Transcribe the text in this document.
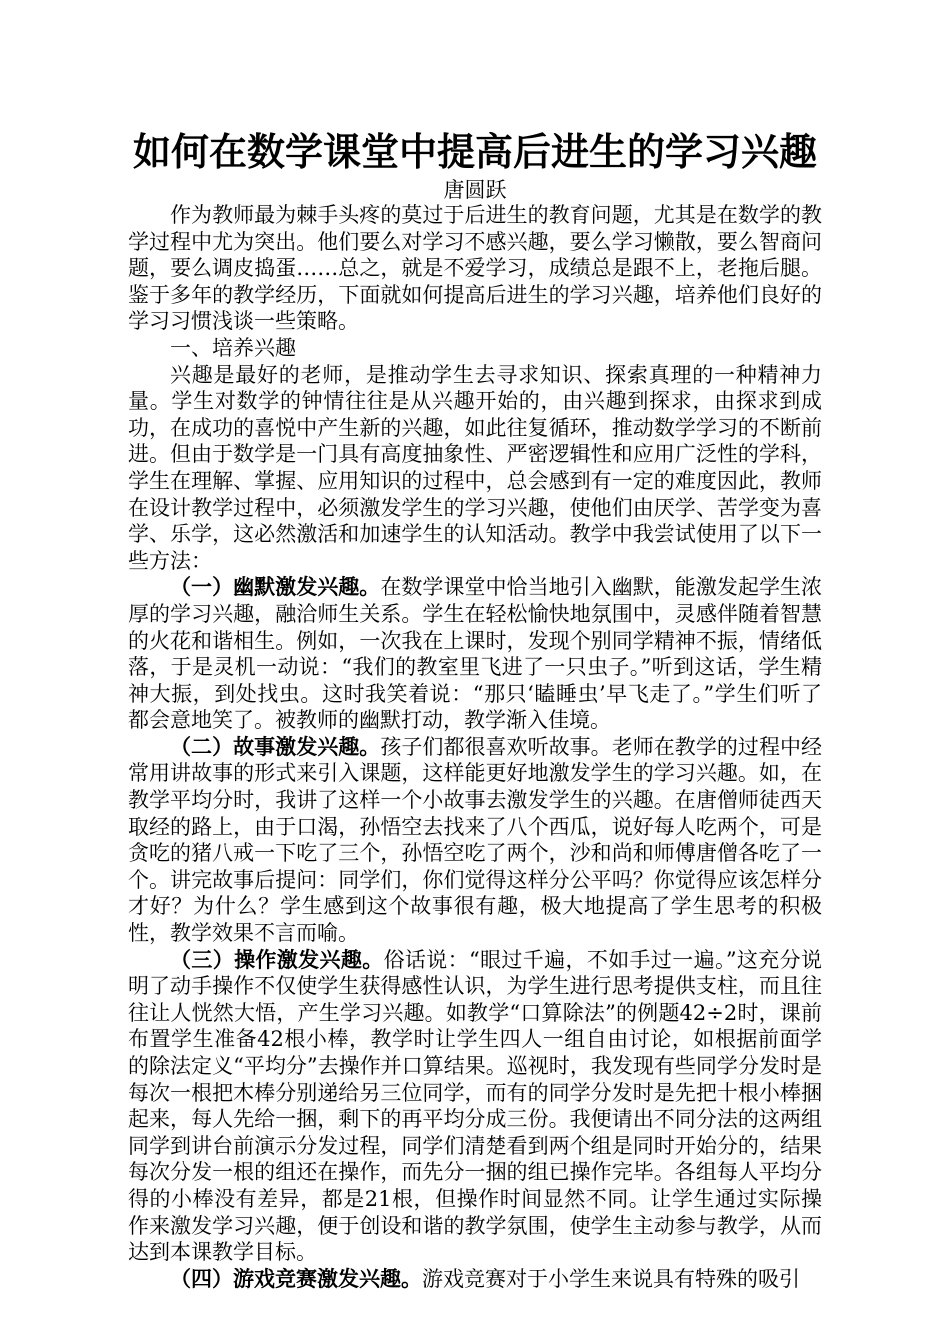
如何在数学课堂中提高后进生的学习兴趣
唐圆跃

作为教师最为棘手头疼的莫过于后进生的教育问题，尤其是在数学的教学过程中尤为突出。他们要么对学习不感兴趣，要么学习懒散，要么智商问题，要么调皮捣蛋……总之，就是不爱学习，成绩总是跟不上，老拖后腿。鉴于多年的教学经历，下面就如何提高后进生的学习兴趣，培养他们良好的学习习惯浅谈一些策略。

一、培养兴趣

兴趣是最好的老师，是推动学生去寻求知识、探索真理的一种精神力量。学生对数学的钟情往往是从兴趣开始的，由兴趣到探求，由探求到成功，在成功的喜悦中产生新的兴趣，如此往复循环，推动数学学习的不断前进。但由于数学是一门具有高度抽象性、严密逻辑性和应用广泛性的学科，学生在理解、掌握、应用知识的过程中，总会感到有一定的难度因此，教师在设计教学过程中，必须激发学生的学习兴趣，使他们由厌学、苦学变为喜学、乐学，这必然激活和加速学生的认知活动。教学中我尝试使用了以下一些方法：

（一）幽默激发兴趣。在数学课堂中恰当地引入幽默，能激发起学生浓厚的学习兴趣，融洽师生关系。学生在轻松愉快地氛围中，灵感伴随着智慧的火花和谐相生。例如，一次我在上课时，发现个别同学精神不振，情绪低落，于是灵机一动说：“我们的教室里飞进了一只虫子。”听到这话，学生精神大振，到处找虫。这时我笑着说：“那只‘瞌睡虫’早飞走了。”学生们听了都会意地笑了。被教师的幽默打动，教学渐入佳境。

（二）故事激发兴趣。孩子们都很喜欢听故事。老师在教学的过程中经常用讲故事的形式来引入课题，这样能更好地激发学生的学习兴趣。如，在教学平均分时，我讲了这样一个小故事去激发学生的兴趣。在唐僧师徒西天取经的路上，由于口渴，孙悟空去找来了八个西瓜，说好每人吃两个，可是贪吃的猪八戒一下吃了三个，孙悟空吃了两个，沙和尚和师傅唐僧各吃了一个。讲完故事后提问：同学们，你们觉得这样分公平吗？你觉得应该怎样分才好？为什么？学生感到这个故事很有趣，极大地提高了学生思考的积极性，教学效果不言而喻。

（三）操作激发兴趣。俗话说：“眼过千遍，不如手过一遍。”这充分说明了动手操作不仅使学生获得感性认识，为学生进行思考提供支柱，而且往往让人恍然大悟，产生学习兴趣。如教学“口算除法”的例题42÷2时，课前布置学生准备42根小棒，教学时让学生四人一组自由讨论，如根据前面学的除法定义“平均分”去操作并口算结果。巡视时，我发现有些同学分发时是每次一根把木棒分别递给另三位同学，而有的同学分发时是先把十根小棒捆起来，每人先给一捆，剩下的再平均分成三份。我便请出不同分法的这两组同学到讲台前演示分发过程，同学们清楚看到两个组是同时开始分的，结果每次分发一根的组还在操作，而先分一捆的组已操作完毕。各组每人平均分得的小棒没有差异，都是21根，但操作时间显然不同。让学生通过实际操作来激发学习兴趣，便于创设和谐的教学氛围，使学生主动参与教学，从而达到本课教学目标。

（四）游戏竞赛激发兴趣。游戏竞赛对于小学生来说具有特殊的吸引
